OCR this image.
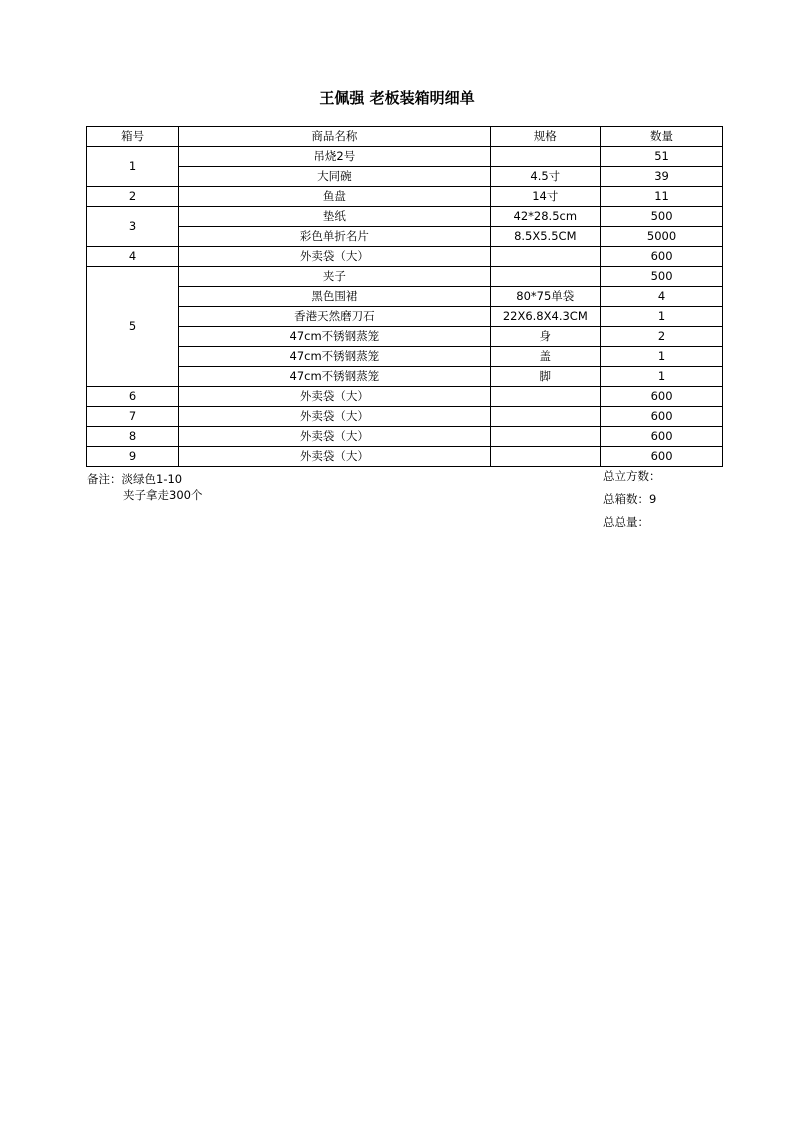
王佩强 老板装箱明细单
箱号	商品名称	规格	数量
1	吊烧2号		51
	大同碗	4.5寸	39
2	鱼盘	14寸	11
3	垫纸	42*28.5cm	500
	彩色单折名片	8.5X5.5CM	5000
4	外卖袋（大）		600
5	夹子		500
	黑色围裙	80*75单袋	4
	香港天然磨刀石	22X6.8X4.3CM	1
	47cm不锈钢蒸笼	身	2
	47cm不锈钢蒸笼	盖	1
	47cm不锈钢蒸笼	脚	1
6	外卖袋（大）		600
7	外卖袋（大）		600
8	外卖袋（大）		600
9	外卖袋（大）		600
备注：淡绿色1-10
夹子拿走300个
总立方数：
总箱数：9
总总量：
